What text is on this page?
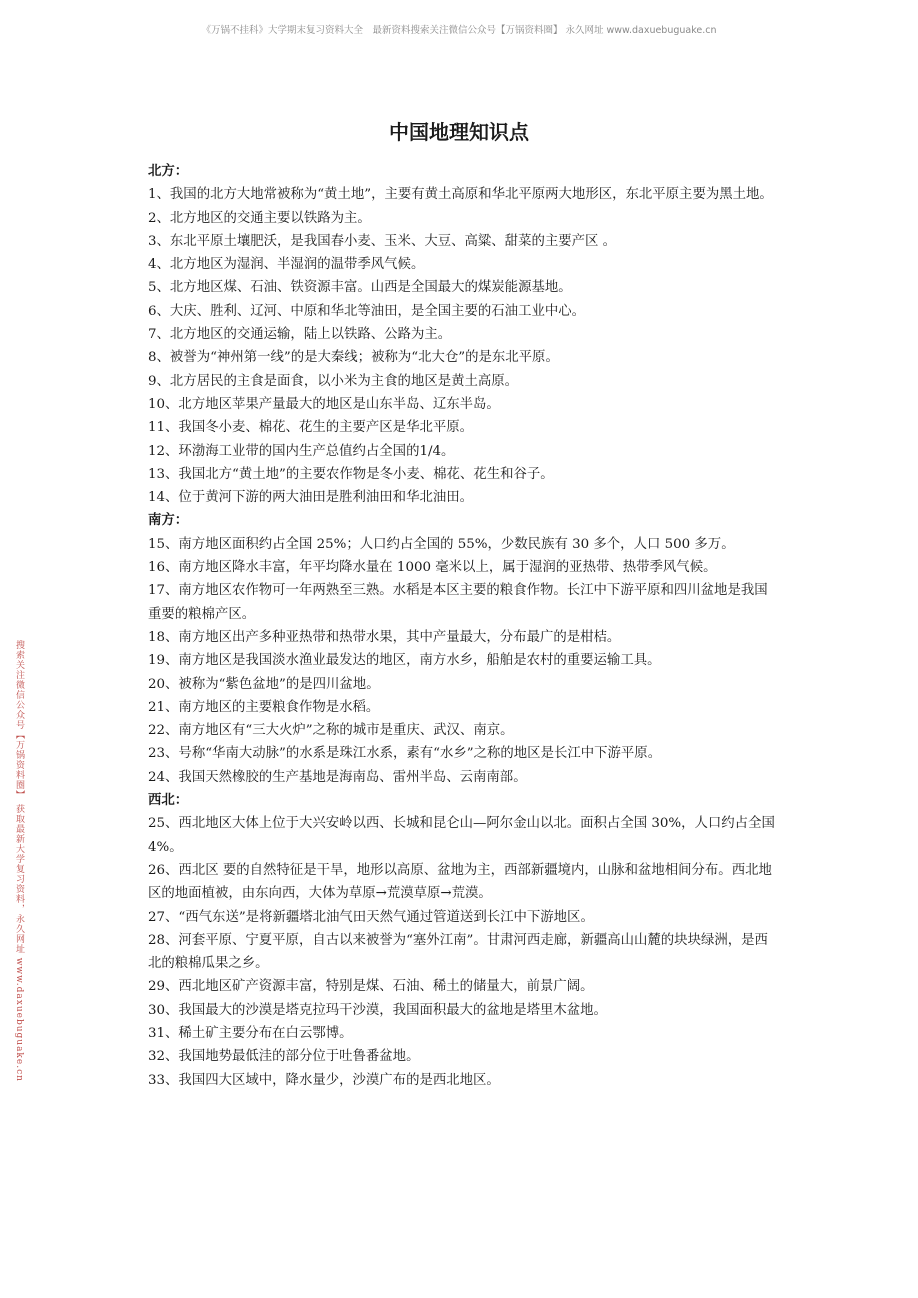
《万锅不挂科》大学期末复习资料大全　最新资料搜索关注微信公众号【万锅资料圈】 永久网址 www.daxuebuguake.cn
搜索关注微信公众号【万锅资料圈】 获取最新大学复习资料，永久网址 www.daxuebuguake.cn
中国地理知识点

北方：

1、我国的北方大地常被称为“黄土地”，主要有黄土高原和华北平原两大地形区，东北平原主要为黑土地。

2、北方地区的交通主要以铁路为主。

3、东北平原土壤肥沃，是我国春小麦、玉米、大豆、高粱、甜菜的主要产区 。

4、北方地区为湿润、半湿润的温带季风气候。

5、北方地区煤、石油、铁资源丰富。山西是全国最大的煤炭能源基地。

6、大庆、胜利、辽河、中原和华北等油田，是全国主要的石油工业中心。

7、北方地区的交通运输，陆上以铁路、公路为主。

8、被誉为“神州第一线”的是大秦线；被称为“北大仓”的是东北平原。

9、北方居民的主食是面食，以小米为主食的地区是黄土高原。

10、北方地区苹果产量最大的地区是山东半岛、辽东半岛。

11、我国冬小麦、棉花、花生的主要产区是华北平原。

12、环渤海工业带的国内生产总值约占全国的1/4。

13、我国北方“黄土地”的主要农作物是冬小麦、棉花、花生和谷子。

14、位于黄河下游的两大油田是胜利油田和华北油田。

南方：

15、南方地区面积约占全国 25%；人口约占全国的 55%，少数民族有 30 多个，人口 500 多万。

16、南方地区降水丰富，年平均降水量在 1000 毫米以上，属于湿润的亚热带、热带季风气候。

17、南方地区农作物可一年两熟至三熟。水稻是本区主要的粮食作物。长江中下游平原和四川盆地是我国重要的粮棉产区。

18、南方地区出产多种亚热带和热带水果，其中产量最大，分布最广的是柑桔。

19、南方地区是我国淡水渔业最发达的地区，南方水乡，船舶是农村的重要运输工具。

20、被称为“紫色盆地”的是四川盆地。

21、南方地区的主要粮食作物是水稻。

22、南方地区有“三大火炉”之称的城市是重庆、武汉、南京。

23、号称“华南大动脉”的水系是珠江水系，素有“水乡”之称的地区是长江中下游平原。

24、我国天然橡胶的生产基地是海南岛、雷州半岛、云南南部。

西北：

25、西北地区大体上位于大兴安岭以西、长城和昆仑山—阿尔金山以北。面积占全国 30%，人口约占全国 4%。

26、西北区 要的自然特征是干旱，地形以高原、盆地为主，西部新疆境内，山脉和盆地相间分布。西北地区的地面植被，由东向西，大体为草原→荒漠草原→荒漠。

27、“西气东送”是将新疆塔北油气田天然气通过管道送到长江中下游地区。

28、河套平原、宁夏平原，自古以来被誉为“塞外江南”。甘肃河西走廊，新疆高山山麓的块块绿洲，是西北的粮棉瓜果之乡。

29、西北地区矿产资源丰富，特别是煤、石油、稀土的储量大，前景广阔。

30、我国最大的沙漠是塔克拉玛干沙漠，我国面积最大的盆地是塔里木盆地。

31、稀土矿主要分布在白云鄂博。

32、我国地势最低洼的部分位于吐鲁番盆地。

33、我国四大区域中，降水量少，沙漠广布的是西北地区。
